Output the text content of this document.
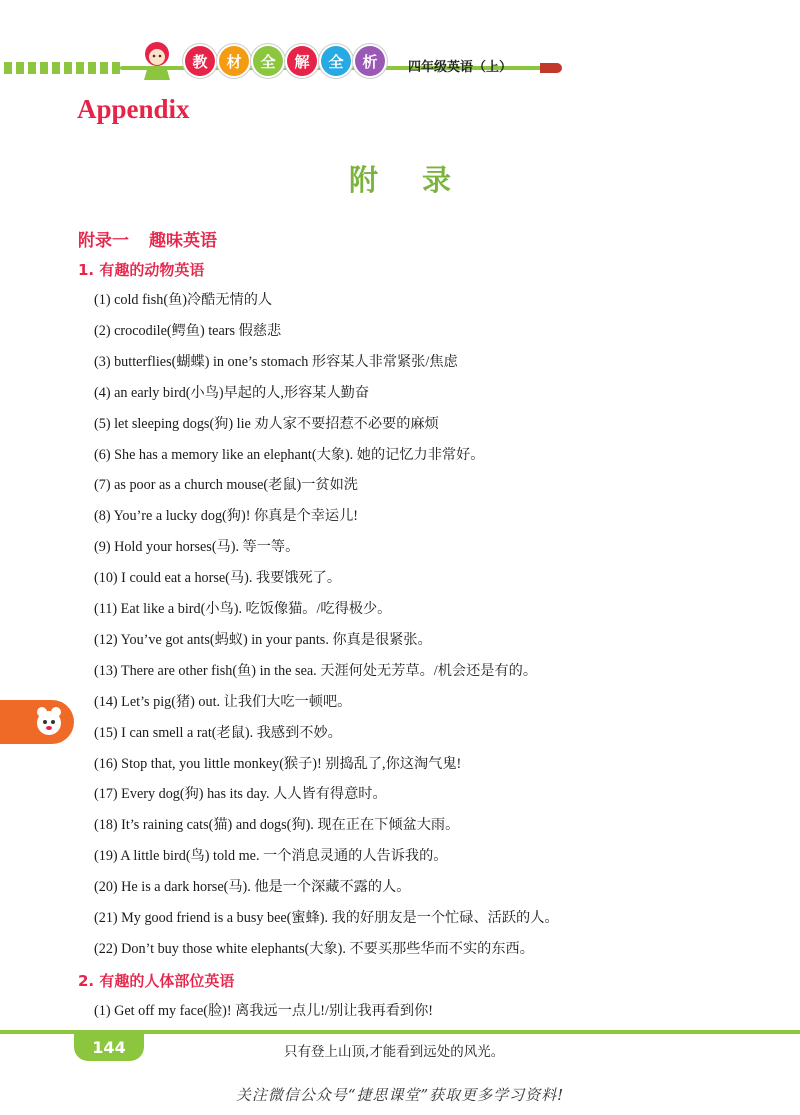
教	材	全	解	全	析	四年级英语（上）
Appendix
附录
附录一 趣味英语
1. 有趣的动物英语
(1) cold fish(鱼)冷酷无情的人
(2) crocodile(鳄鱼) tears 假慈悲
(3) butterflies(蝴蝶) in one’s stomach 形容某人非常紧张/焦虑
(4) an early bird(小鸟)早起的人,形容某人勤奋
(5) let sleeping dogs(狗) lie 劝人家不要招惹不必要的麻烦
(6) She has a memory like an elephant(大象). 她的记忆力非常好。
(7) as poor as a church mouse(老鼠)一贫如洗
(8) You’re a lucky dog(狗)! 你真是个幸运儿!
(9) Hold your horses(马). 等一等。
(10) I could eat a horse(马). 我要饿死了。
(11) Eat like a bird(小鸟). 吃饭像猫。/吃得极少。
(12) You’ve got ants(蚂蚁) in your pants. 你真是很紧张。
(13) There are other fish(鱼) in the sea. 天涯何处无芳草。/机会还是有的。
(14) Let’s pig(猪) out. 让我们大吃一顿吧。
(15) I can smell a rat(老鼠). 我感到不妙。
(16) Stop that, you little monkey(猴子)! 别捣乱了,你这淘气鬼!
(17) Every dog(狗) has its day. 人人皆有得意时。
(18) It’s raining cats(猫) and dogs(狗). 现在正在下倾盆大雨。
(19) A little bird(鸟) told me. 一个消息灵通的人告诉我的。
(20) He is a dark horse(马). 他是一个深藏不露的人。
(21) My good friend is a busy bee(蜜蜂). 我的好朋友是一个忙碌、活跃的人。
(22) Don’t buy those white elephants(大象). 不要买那些华而不实的东西。
2. 有趣的人体部位英语
(1) Get off my face(脸)! 离我远一点儿!/别让我再看到你!
144	只有登上山顶,才能看到远处的风光。
关注微信公众号“捷思课堂”获取更多学习资料!
